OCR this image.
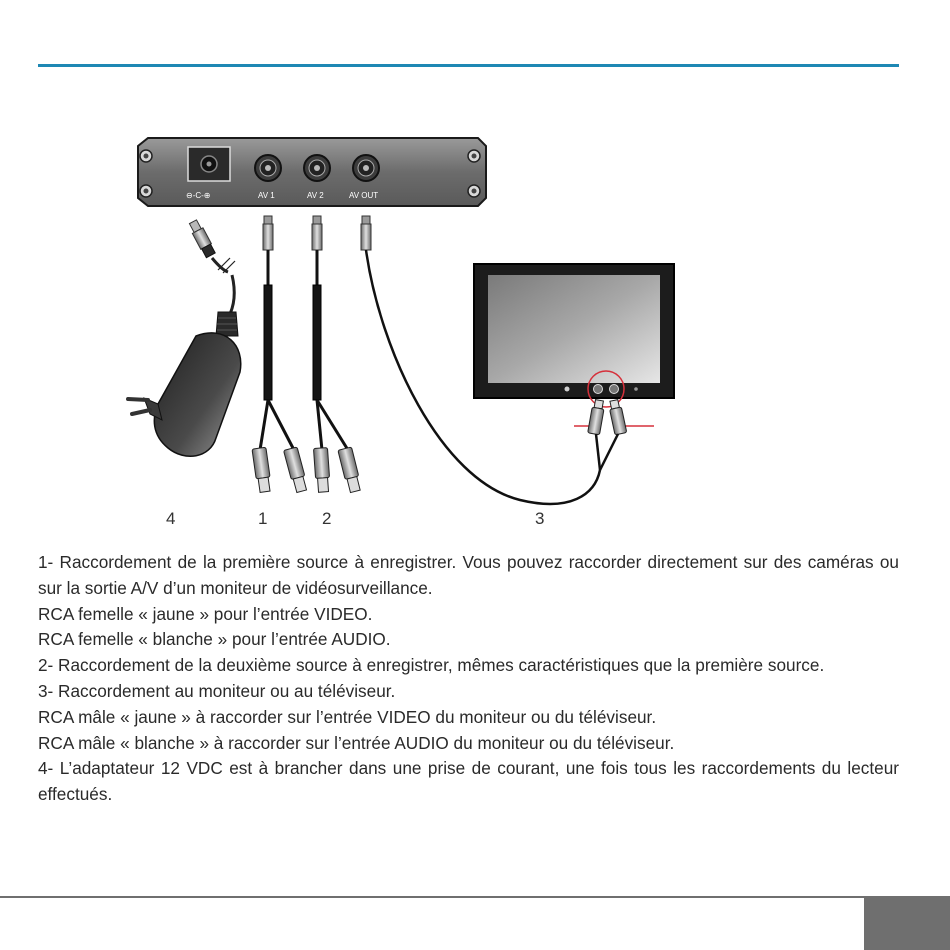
⊖-C-⊕	AV 1	AV 2	AV OUT
4	1	2	3

1- Raccordement de la première source à enregistrer. Vous pouvez raccorder directement sur des caméras ou sur la sortie A/V d’un moniteur de vidéosurveillance.

RCA femelle « jaune » pour l’entrée VIDEO.

RCA femelle « blanche » pour l’entrée AUDIO.

2- Raccordement de la deuxième source à enregistrer, mêmes caractéristiques que la première source.

3- Raccordement au moniteur ou au téléviseur.

RCA mâle « jaune » à raccorder sur l’entrée VIDEO du moniteur ou du téléviseur.

RCA mâle « blanche » à raccorder sur l’entrée AUDIO du moniteur ou du téléviseur.

4- L’adaptateur 12 VDC est à brancher dans une prise de courant, une fois tous les raccordements du lecteur effectués.
